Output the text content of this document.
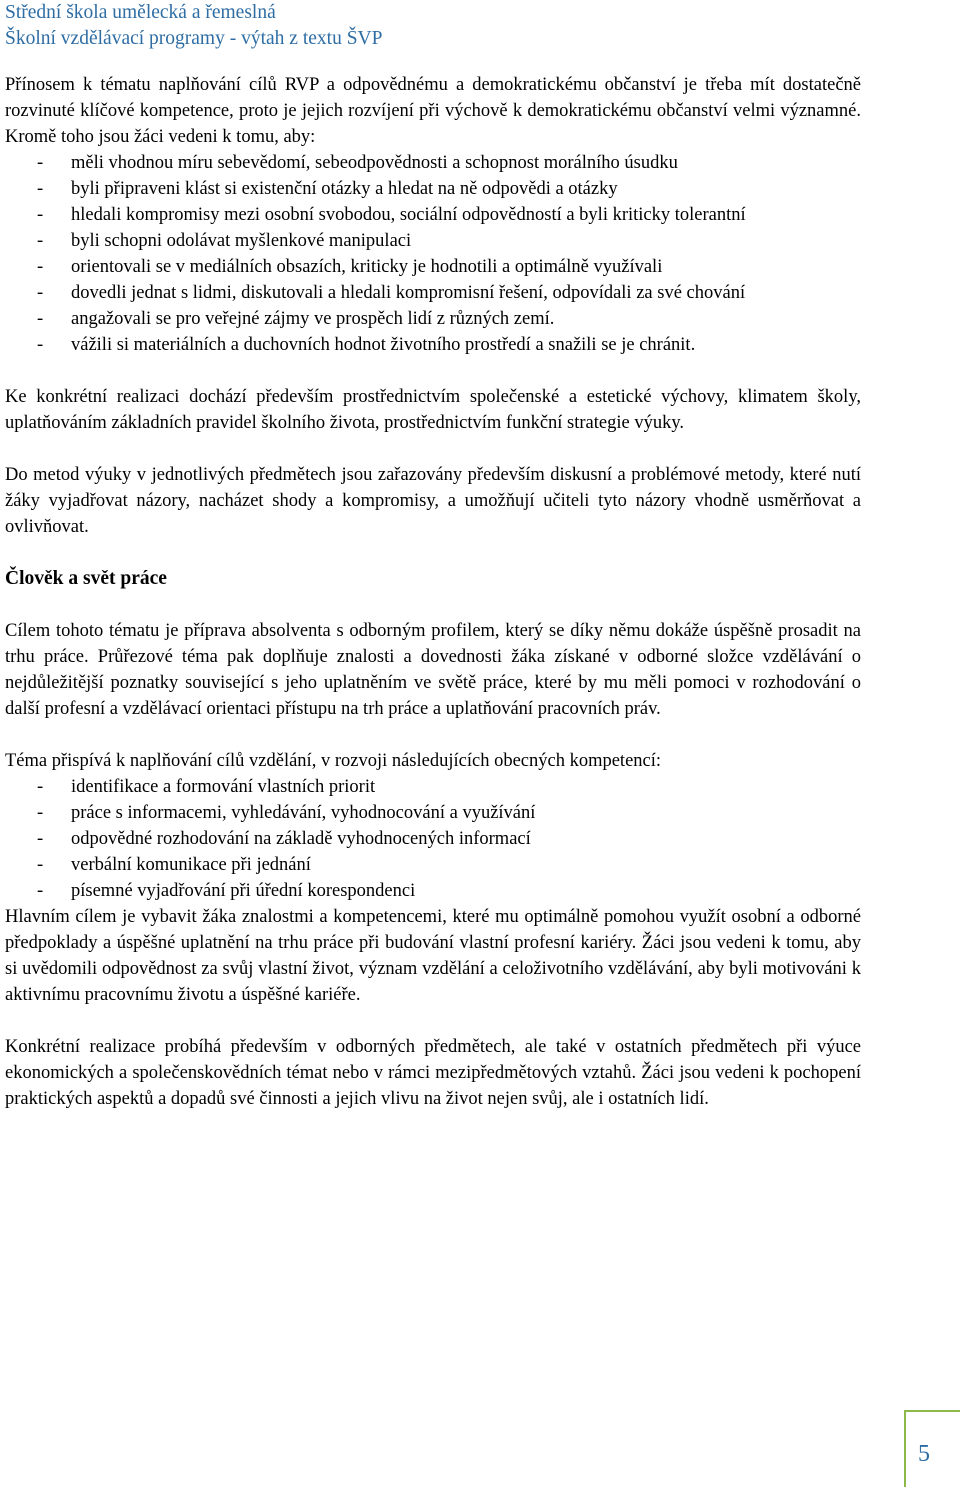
Střední škola umělecká a řemeslná
Školní vzdělávací programy - výtah z textu ŠVP

Přínosem k tématu naplňování cílů RVP a odpovědnému a demokratickému občanství je třeba mít dostatečně rozvinuté klíčové kompetence, proto je jejich rozvíjení při výchově k demokratickému občanství velmi významné. Kromě toho jsou žáci vedeni k tomu, aby:

- měli vhodnou míru sebevědomí, sebeodpovědnosti a schopnost morálního úsudku
- byli připraveni klást si existenční otázky a hledat na ně odpovědi a otázky
- hledali kompromisy mezi osobní svobodou, sociální odpovědností a byli kriticky tolerantní
- byli schopni odolávat myšlenkové manipulaci
- orientovali se v mediálních obsazích, kriticky je hodnotili a optimálně využívali
- dovedli jednat s lidmi, diskutovali a hledali kompromisní řešení, odpovídali za své chování
- angažovali se pro veřejné zájmy ve prospěch lidí z různých zemí.
- vážili si materiálních a duchovních hodnot životního prostředí a snažili se je chránit.

Ke konkrétní realizaci dochází především prostřednictvím společenské a estetické výchovy, klimatem školy, uplatňováním základních pravidel školního života, prostřednictvím funkční strategie výuky.

Do metod výuky v jednotlivých předmětech jsou zařazovány především diskusní a problémové metody, které nutí žáky vyjadřovat názory, nacházet shody a kompromisy, a umožňují učiteli tyto názory vhodně usměrňovat a ovlivňovat.

Člověk a svět práce

Cílem tohoto tématu je příprava absolventa s odborným profilem, který se díky němu dokáže úspěšně prosadit na trhu práce. Průřezové téma pak doplňuje znalosti a dovednosti žáka získané v odborné složce vzdělávání o nejdůležitější poznatky související s jeho uplatněním ve světě práce, které by mu měli pomoci v rozhodování o další profesní a vzdělávací orientaci přístupu na trh práce a uplatňování pracovních práv.

Téma přispívá k naplňování cílů vzdělání, v rozvoji následujících obecných kompetencí:

- identifikace a formování vlastních priorit
- práce s informacemi, vyhledávání, vyhodnocování a využívání
- odpovědné rozhodování na základě vyhodnocených informací
- verbální komunikace při jednání
- písemné vyjadřování při úřední korespondenci

Hlavním cílem je vybavit žáka znalostmi a kompetencemi, které mu optimálně pomohou využít osobní a odborné předpoklady a úspěšné uplatnění na trhu práce při budování vlastní profesní kariéry. Žáci jsou vedeni k tomu, aby si uvědomili odpovědnost za svůj vlastní život, význam vzdělání a celoživotního vzdělávání, aby byli motivováni k aktivnímu pracovnímu životu a úspěšné kariéře.

Konkrétní realizace probíhá především v odborných předmětech, ale také v ostatních předmětech při výuce ekonomických a společenskovědních témat nebo v rámci mezipředmětových vztahů. Žáci jsou vedeni k pochopení praktických aspektů a dopadů své činnosti a jejich vlivu na život nejen svůj, ale i ostatních lidí.

5
